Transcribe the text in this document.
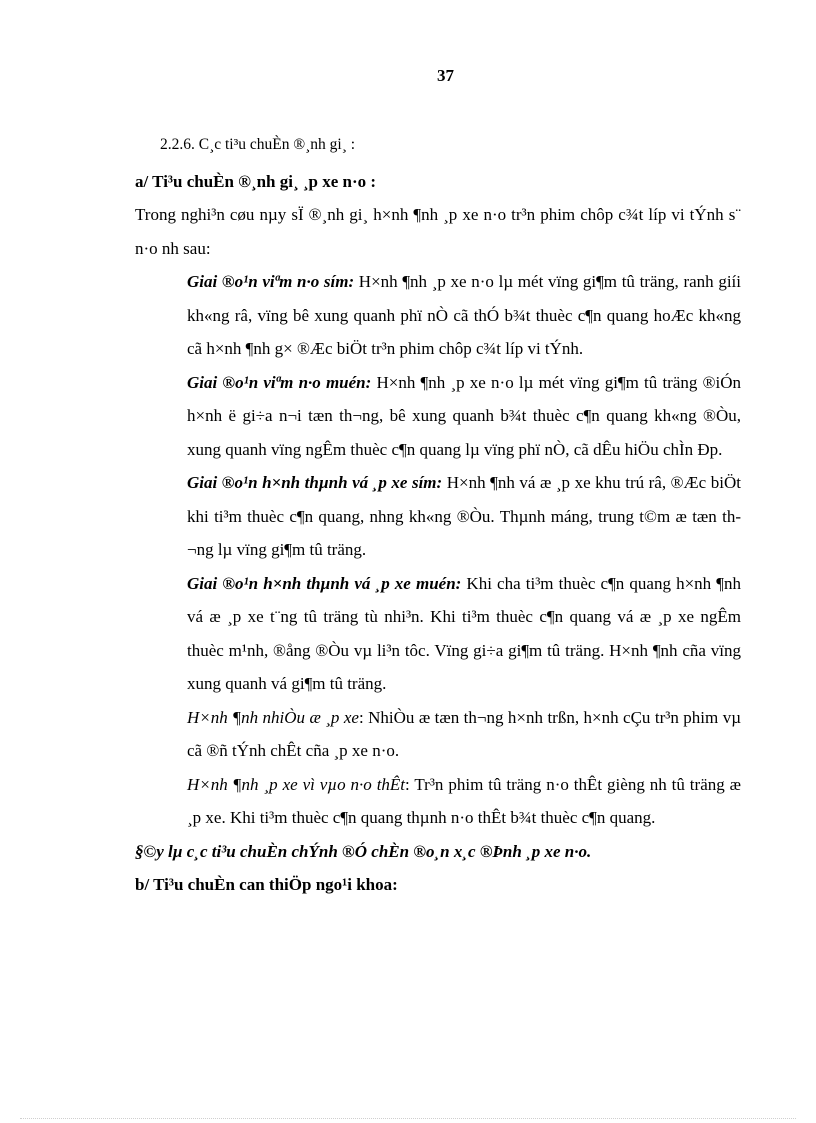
37

2.2.6. C¸c ti³u chuÈn ®¸nh gi¸ :

a/ Ti³u chuÈn ®¸nh gi¸ ¸p xe n·o :

Trong nghi³n cøu nµy sÏ ®¸nh gi¸ h×nh ¶nh ¸p xe n·o tr³n phim chôp c¾t líp vi tÝnh s¨ n·o nh sau:

Giai ®o¹n viªm n·o sím: H×nh ¶nh ¸p xe n·o lµ mét vïng gi¶m tû träng, ranh giíi kh«ng râ, vïng bê xung quanh phï nÒ cã thÓ b¾t thuèc c¶n quang hoÆc kh«ng cã h×nh ¶nh g× ®Æc biÖt tr³n phim chôp c¾t líp vi tÝnh.

Giai ®o¹n viªm n·o muén: H×nh ¶nh ¸p xe n·o lµ mét vïng gi¶m tû träng ®iÓn h×nh ë gi÷a n¬i tæn th¬ng, bê xung quanh b¾t thuèc c¶n quang kh«ng ®Òu, xung quanh vïng ngÊm thuèc c¶n quang lµ vïng phï nÒ, cã dÊu hiÖu chÌn Ðp.

Giai ®o¹n h×nh thµnh vá ¸p xe sím: H×nh ¶nh vá æ ¸p xe khu trú râ, ®Æc biÖt khi ti³m thuèc c¶n quang, nhng kh«ng ®Òu. Thµnh máng, trung t©m æ tæn th¬ng lµ vïng gi¶m tû träng.

Giai ®o¹n h×nh thµnh vá ¸p xe muén: Khi cha ti³m thuèc c¶n quang h×nh ¶nh vá æ ¸p xe t¨ng tû träng tù nhi³n. Khi ti³m thuèc c¶n quang vá æ ¸p xe ngÊm thuèc m¹nh, ®ång ®Òu vµ li³n tôc. Vïng gi÷a gi¶m tû träng. H×nh ¶nh cña vïng xung quanh vá gi¶m tû träng.

H×nh ¶nh nhiÒu æ ¸p xe: NhiÒu æ tæn th¬ng h×nh trßn, h×nh cÇu tr³n phim vµ cã ®ñ tÝnh chÊt cña ¸p xe n·o.

H×nh ¶nh ¸p xe vì vµo n·o thÊt: Tr³n phim tû träng n·o thÊt gièng nh tû träng æ ¸p xe. Khi ti³m thuèc c¶n quang thµnh n·o thÊt b¾t thuèc c¶n quang.

§©y lµ c¸c ti³u chuÈn chÝnh ®Ó chÈn ®o¸n x¸c ®Þnh ¸p xe n·o.

b/ Ti³u chuÈn can thiÖp ngo¹i khoa:
